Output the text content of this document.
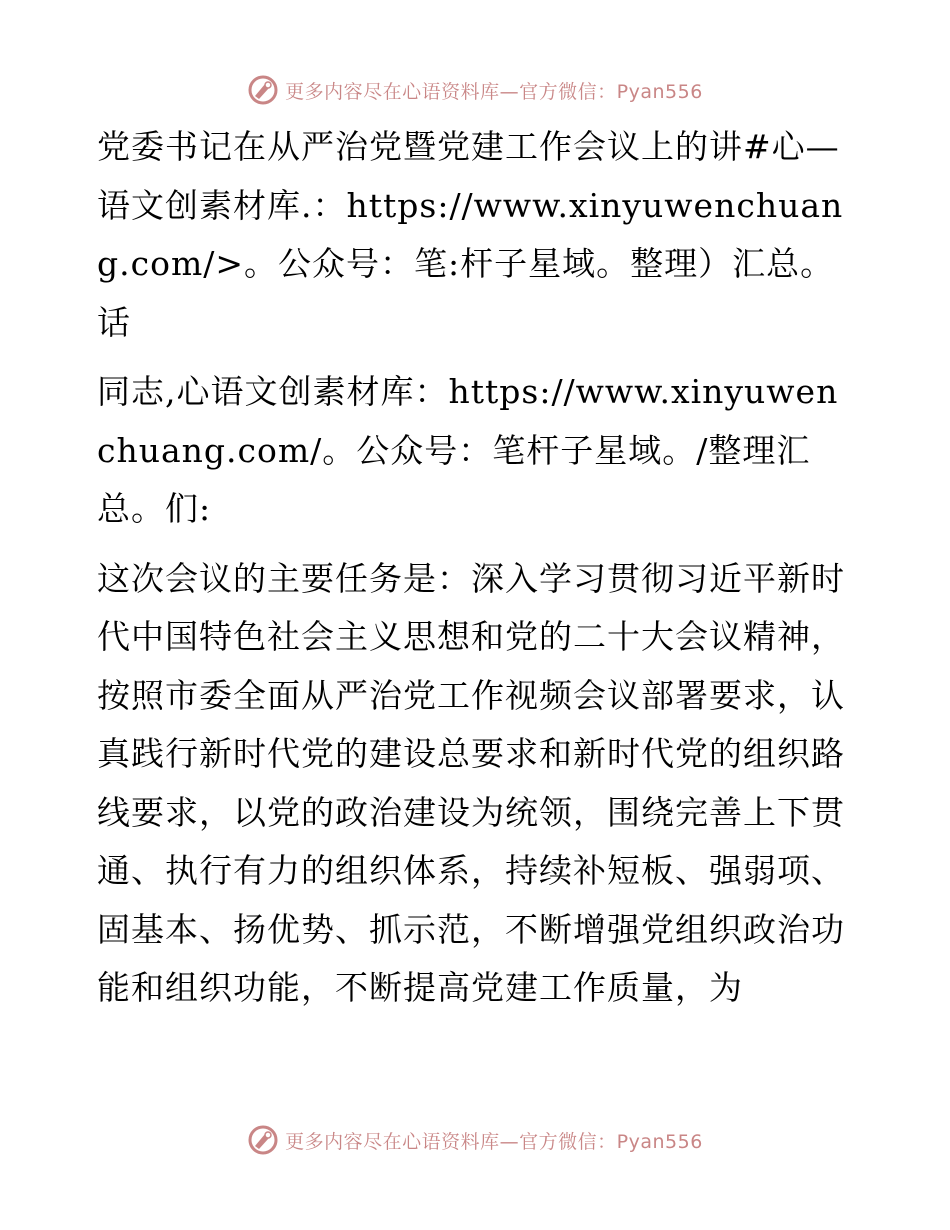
更多内容尽在心语资料库—官方微信：Pyan556

党委书记在从严治党暨党建工作会议上的讲#心—语文创素材库.：https://www.xinyuwenchuang.com/>。公众号：笔:杆子星域。整理）汇总。话

同志,心语文创素材库：https://www.xinyuwenchuang.com/。公众号：笔杆子星域。/整理汇总。们:

这次会议的主要任务是：深入学习贯彻习近平新时代中国特色社会主义思想和党的二十大会议精神，按照市委全面从严治党工作视频会议部署要求，认真践行新时代党的建设总要求和新时代党的组织路线要求，以党的政治建设为统领，围绕完善上下贯通、执行有力的组织体系，持续补短板、强弱项、固基本、扬优势、抓示范，不断增强党组织政治功能和组织功能，不断提高党建工作质量，为

更多内容尽在心语资料库—官方微信：Pyan556
